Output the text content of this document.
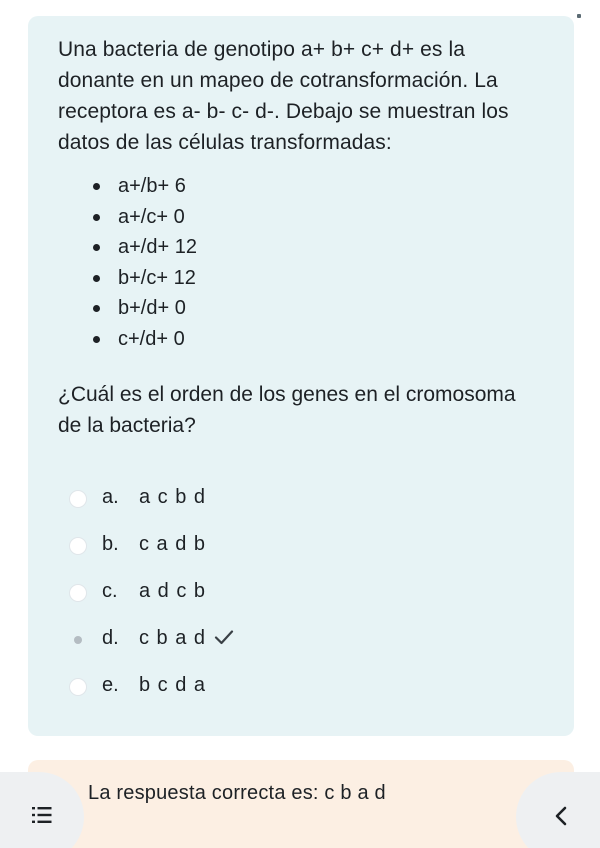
Una bacteria de genotipo a+ b+ c+ d+ es la donante en un mapeo de cotransformación. La receptora es a- b- c- d-. Debajo se muestran los datos de las células transformadas:

a+/b+ 6
a+/c+ 0
a+/d+ 12
b+/c+ 12
b+/d+ 0
c+/d+ 0

¿Cuál es el orden de los genes en el cromosoma de la bacteria?

a. a c b d
b. c a d b
c. a d c b
d. c b a d
e. b c d a

La respuesta correcta es: c b a d
